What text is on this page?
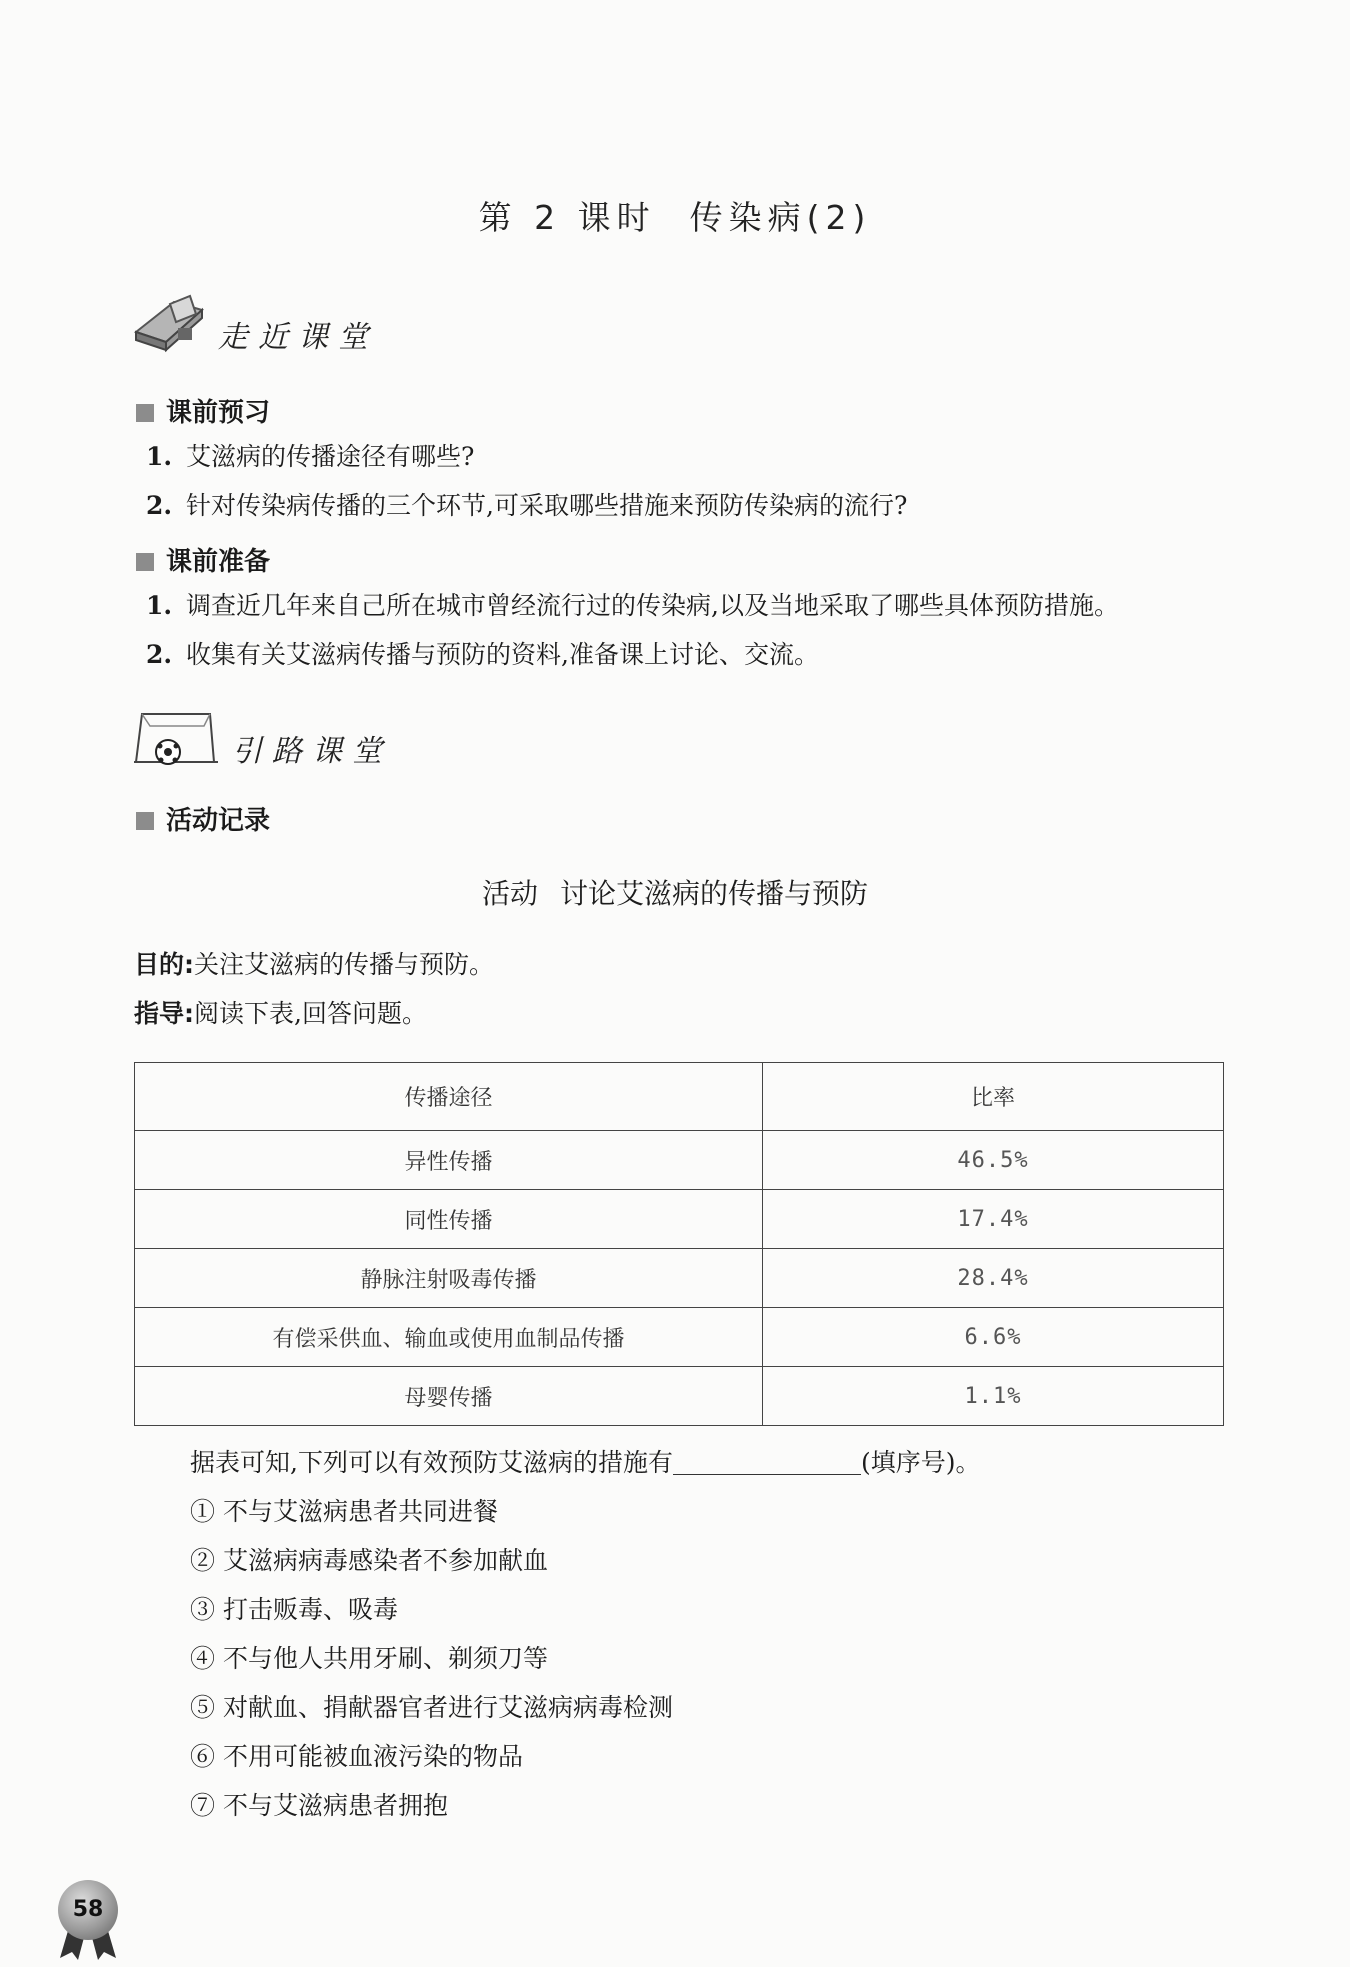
第 2 课时 传染病(2)
走近课堂
课前预习
1. 艾滋病的传播途径有哪些?
2. 针对传染病传播的三个环节,可采取哪些措施来预防传染病的流行?
课前准备
1. 调查近几年来自己所在城市曾经流行过的传染病,以及当地采取了哪些具体预防措施。
2. 收集有关艾滋病传播与预防的资料,准备课上讨论、交流。
引路课堂
活动记录
活动 讨论艾滋病的传播与预防
目的:关注艾滋病的传播与预防。
指导:阅读下表,回答问题。
传播途径	比率
异性传播	46.5%
同性传播	17.4%
静脉注射吸毒传播	28.4%
有偿采供血、输血或使用血制品传播	6.6%
母婴传播	1.1%
据表可知,下列可以有效预防艾滋病的措施有	(填序号)。
① 不与艾滋病患者共同进餐
② 艾滋病病毒感染者不参加献血
③ 打击贩毒、吸毒
④ 不与他人共用牙刷、剃须刀等
⑤ 对献血、捐献器官者进行艾滋病病毒检测
⑥ 不用可能被血液污染的物品
⑦ 不与艾滋病患者拥抱
58
